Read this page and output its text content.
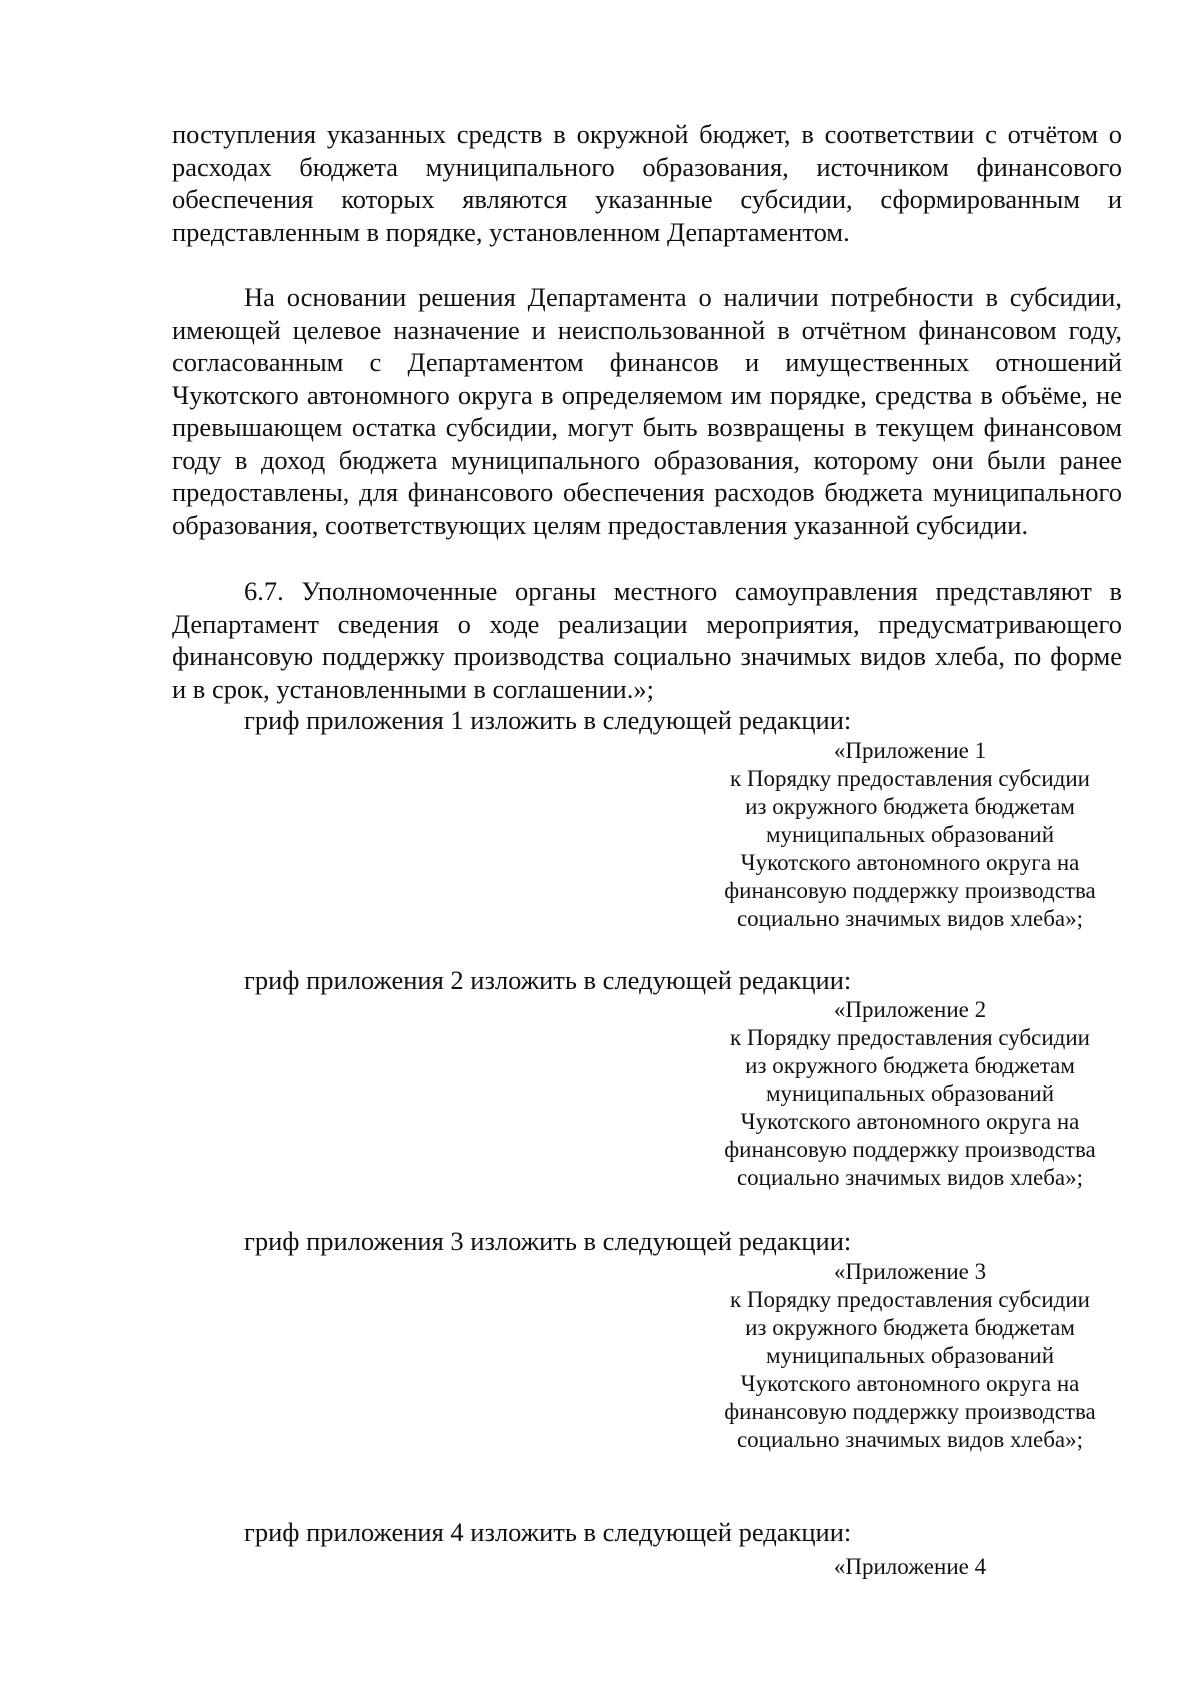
поступления указанных средств в окружной бюджет, в соответствии с отчётом о расходах бюджета муниципального образования, источником финансового обеспечения которых являются указанные субсидии, сформированным и представленным в порядке, установленном Департаментом.

На основании решения Департамента о наличии потребности в субсидии, имеющей целевое назначение и неиспользованной в отчётном финансовом году, согласованным с Департаментом финансов и имущественных отношений Чукотского автономного округа в определяемом им порядке, средства в объёме, не превышающем остатка субсидии, могут быть возвращены в текущем финансовом году в доход бюджета муниципального образования, которому они были ранее предоставлены, для финансового обеспечения расходов бюджета муниципального образования, соответствующих целям предоставления указанной субсидии.

6.7. Уполномоченные органы местного самоуправления представляют в Департамент сведения о ходе реализации мероприятия, предусматривающего финансовую поддержку производства социально значимых видов хлеба, по форме и в срок, установленными в соглашении.»;

гриф приложения 1 изложить в следующей редакции:

«Приложение 1
к Порядку предоставления субсидии
из окружного бюджета бюджетам
муниципальных образований
Чукотского автономного округа на
финансовую поддержку производства
социально значимых видов хлеба»;

гриф приложения 2 изложить в следующей редакции:

«Приложение 2
к Порядку предоставления субсидии
из окружного бюджета бюджетам
муниципальных образований
Чукотского автономного округа на
финансовую поддержку производства
социально значимых видов хлеба»;

гриф приложения 3 изложить в следующей редакции:

«Приложение 3
к Порядку предоставления субсидии
из окружного бюджета бюджетам
муниципальных образований
Чукотского автономного округа на
финансовую поддержку производства
социально значимых видов хлеба»;

гриф приложения 4 изложить в следующей редакции:

«Приложение 4
